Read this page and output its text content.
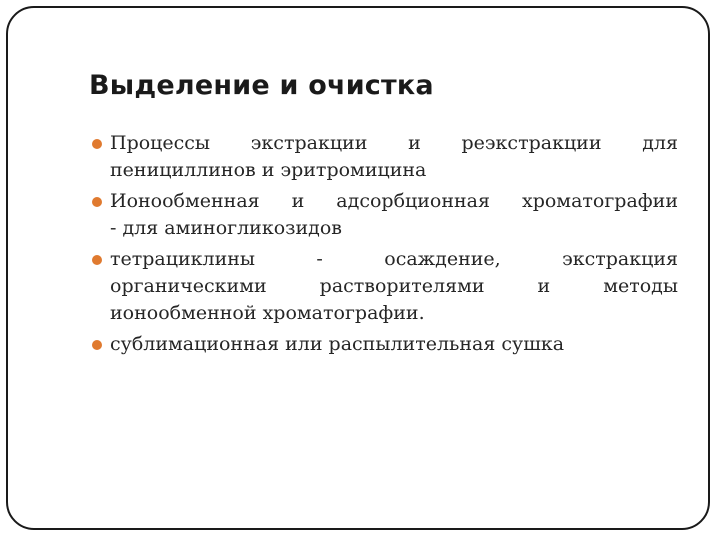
Выделение и очистка
Процессы экстракции и реэкстракции для
пенициллинов и эритромицина
Ионообменная и адсорбционная хроматографии
- для аминогликозидов
тетрациклины - осаждение, экстракция
органическими растворителями и методы
ионообменной хроматографии.
сублимационная или распылительная сушка
